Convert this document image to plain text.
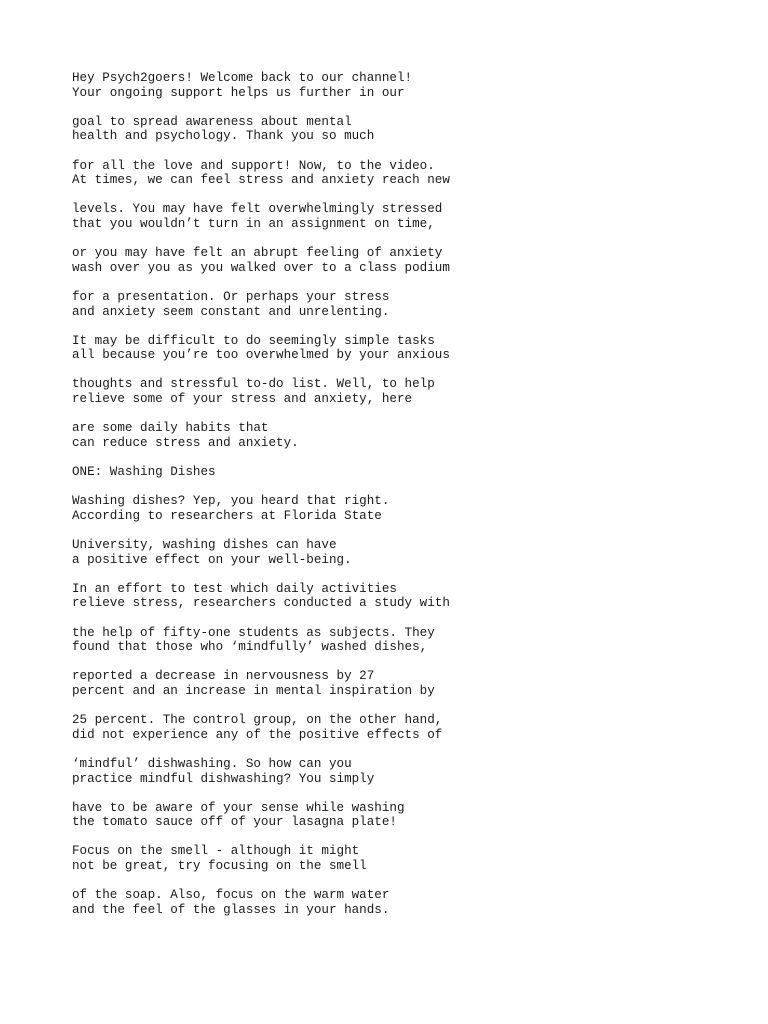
Hey Psych2goers! Welcome back to our channel!
Your ongoing support helps us further in our
goal to spread awareness about mental
health and psychology. Thank you so much
for all the love and support! Now, to the video.
At times, we can feel stress and anxiety reach new
levels. You may have felt overwhelmingly stressed
that you wouldn’t turn in an assignment on time,
or you may have felt an abrupt feeling of anxiety
wash over you as you walked over to a class podium
for a presentation. Or perhaps your stress
and anxiety seem constant and unrelenting.
It may be difficult to do seemingly simple tasks
all because you’re too overwhelmed by your anxious
thoughts and stressful to-do list. Well, to help
relieve some of your stress and anxiety, here
are some daily habits that
can reduce stress and anxiety.
ONE: Washing Dishes
Washing dishes? Yep, you heard that right.
According to researchers at Florida State
University, washing dishes can have
a positive effect on your well-being.
In an effort to test which daily activities
relieve stress, researchers conducted a study with
the help of fifty-one students as subjects. They
found that those who ‘mindfully’ washed dishes,
reported a decrease in nervousness by 27
percent and an increase in mental inspiration by
25 percent. The control group, on the other hand,
did not experience any of the positive effects of
‘mindful’ dishwashing. So how can you
practice mindful dishwashing? You simply
have to be aware of your sense while washing
the tomato sauce off of your lasagna plate!
Focus on the smell - although it might
not be great, try focusing on the smell
of the soap. Also, focus on the warm water
and the feel of the glasses in your hands.
